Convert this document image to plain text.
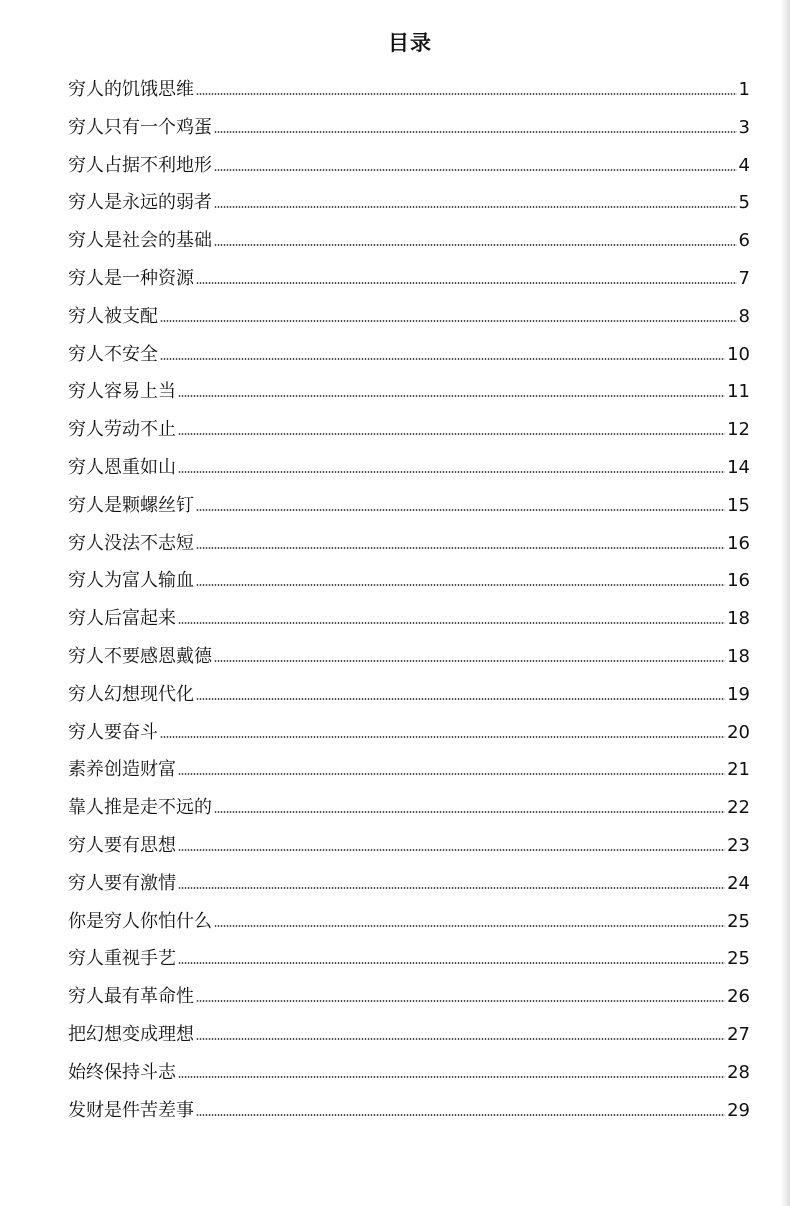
目录
穷人的饥饿思维	1
穷人只有一个鸡蛋	3
穷人占据不利地形	4
穷人是永远的弱者	5
穷人是社会的基础	6
穷人是一种资源	7
穷人被支配	8
穷人不安全	10
穷人容易上当	11
穷人劳动不止	12
穷人恩重如山	14
穷人是颗螺丝钉	15
穷人没法不志短	16
穷人为富人输血	16
穷人后富起来	18
穷人不要感恩戴德	18
穷人幻想现代化	19
穷人要奋斗	20
素养创造财富	21
靠人推是走不远的	22
穷人要有思想	23
穷人要有激情	24
你是穷人你怕什么	25
穷人重视手艺	25
穷人最有革命性	26
把幻想变成理想	27
始终保持斗志	28
发财是件苦差事	29
